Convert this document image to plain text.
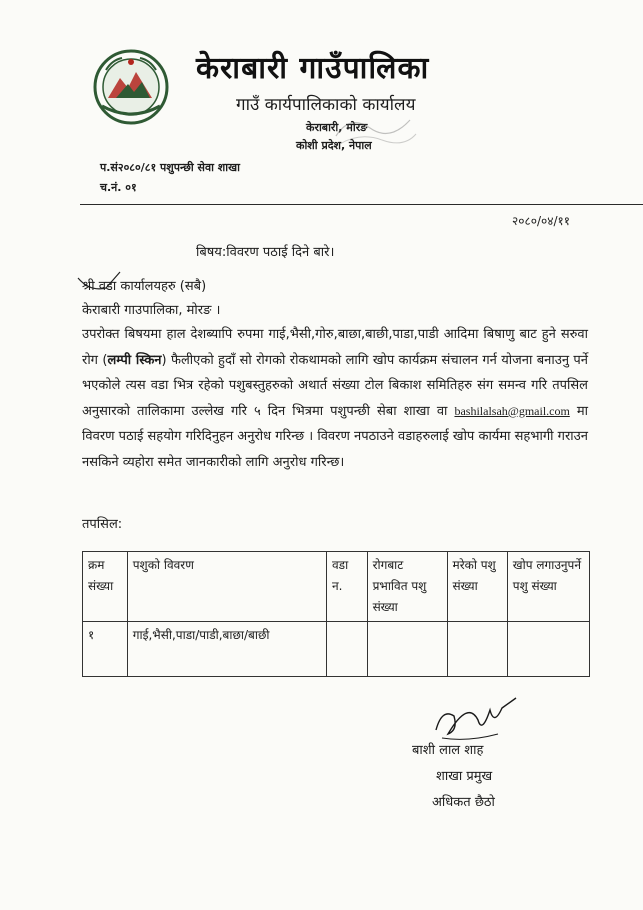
केराबारी गाउँपालिका
गाउँ कार्यपालिकाको कार्यालय
केराबारी, मोरङ
कोशी प्रदेश, नेपाल
प.सं२०८०/८१ पशुपन्छी सेवा शाखा
च.नं. ०१
२०८०/०४/११
बिषय:विवरण पठाई दिने बारे।
श्री वडा कार्यालयहरु (सबै)
केराबारी गाउपालिका, मोरङ ।
उपरोक्त बिषयमा हाल देशब्यापि रुपमा गाई,भैसी,गोरु,बाछा,बाछी,पाडा,पाडी आदिमा बिषाणु बाट हुने सरुवा रोग (लम्पी स्किन) फैलीएको हुदाँ सो रोगको रोकथामको लागि खोप कार्यक्रम संचालन गर्न योजना बनाउनु पर्ने भएकोले त्यस वडा भित्र रहेको पशुबस्तुहरुको अथार्त संख्या टोल बिकाश समितिहरु संग समन्व गरि तपसिल अनुसारको तालिकामा उल्लेख गरि ५ दिन भित्रमा पशुपन्छी सेबा शाखा वा bashilalsah@gmail.com मा विवरण पठाई सहयोग गरिदिनुहन अनुरोध गरिन्छ । विवरण नपठाउने वडाहरुलाई खोप कार्यमा सहभागी गराउन नसकिने व्यहोरा समेत जानकारीको लागि अनुरोध गरिन्छ।
तपसिल:
क्रम संख्या	पशुको विवरण	वडा न.	रोगबाट प्रभावित पशु संख्या	मरेको पशु संख्या	खोप लगाउनुपर्ने पशु संख्या
१	गाई,भैसी,पाडा/पाडी,बाछा/बाछी				
बाशी लाल शाह
शाखा प्रमुख
अधिकत छैठो
